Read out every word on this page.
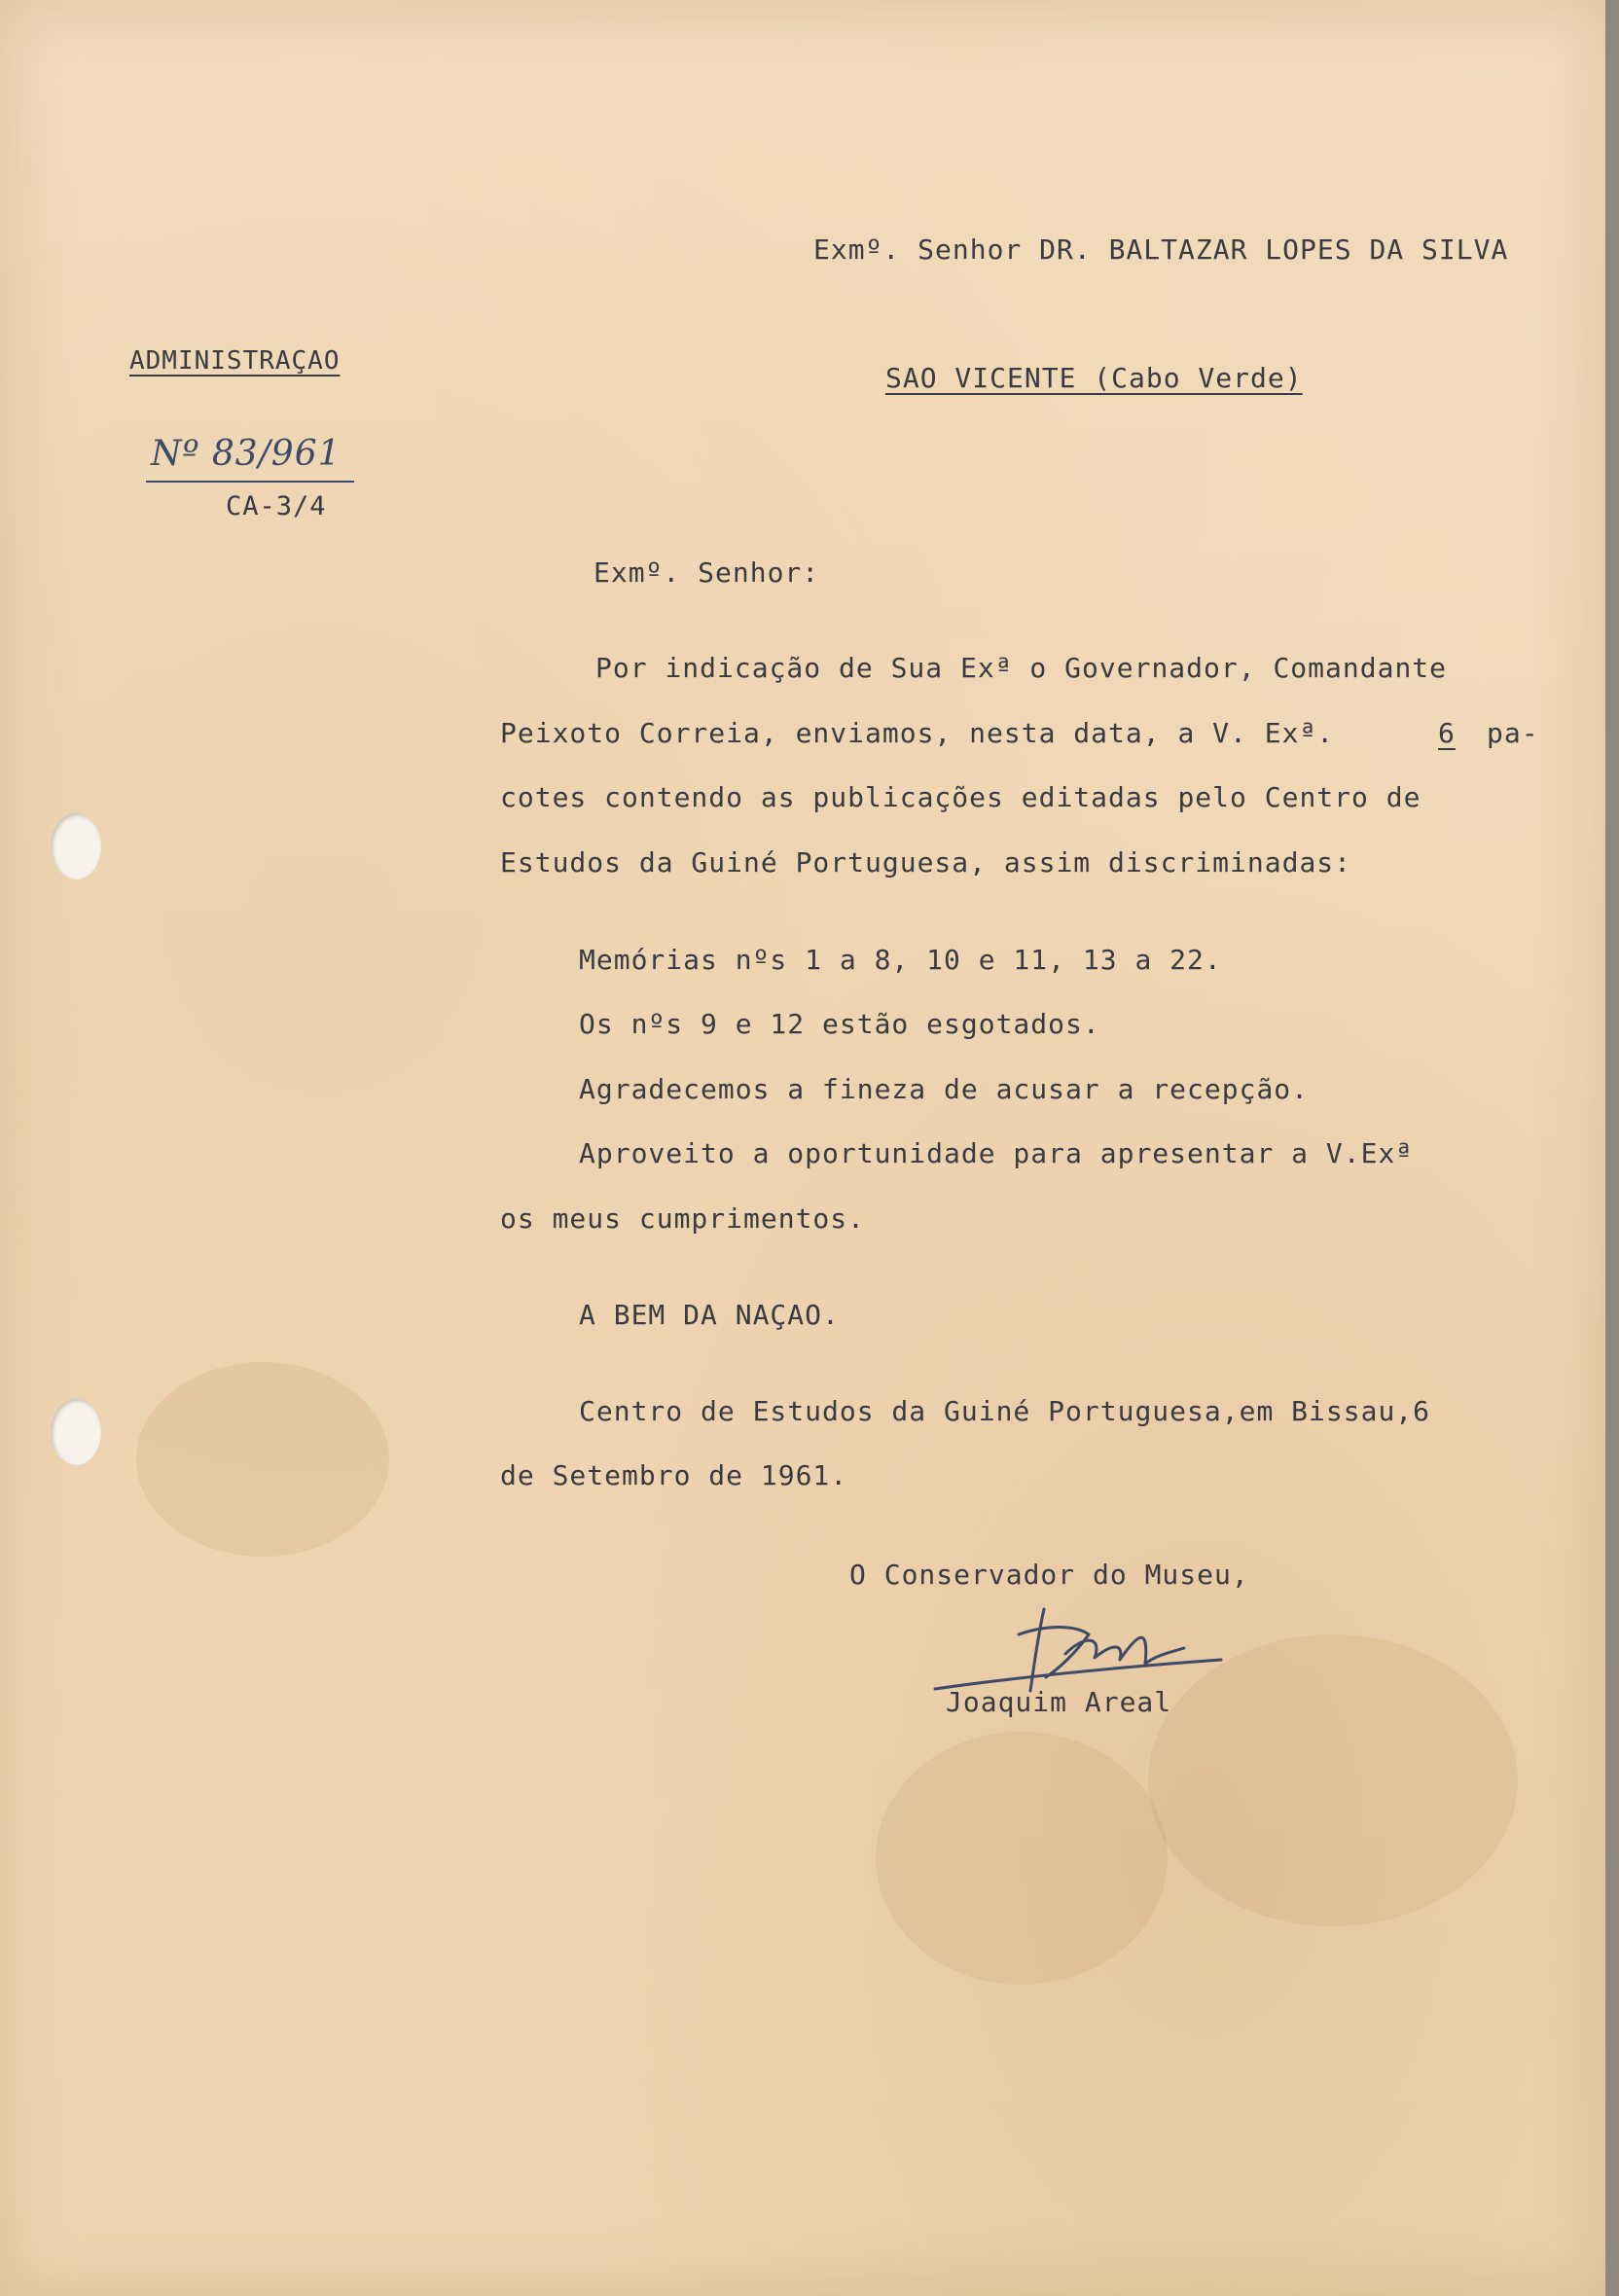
Exmº. Senhor DR. BALTAZAR LOPES DA SILVA
SAO VICENTE (Cabo Verde)
ADMINISTRAÇAO
Nº 83/961
CA-3/4
Exmº. Senhor:
Por indicação de Sua Exª o Governador, Comandante
Peixoto Correia, enviamos, nesta data, a V. Exª.	6 pa-
cotes contendo as publicações editadas pelo Centro de
Estudos da Guiné Portuguesa, assim discriminadas:
Memórias nºs 1 a 8, 10 e 11, 13 a 22.
Os nºs 9 e 12 estão esgotados.
Agradecemos a fineza de acusar a recepção.
Aproveito a oportunidade para apresentar a V.Exª
os meus cumprimentos.
A BEM DA NAÇAO.
Centro de Estudos da Guiné Portuguesa,em Bissau,6
de Setembro de 1961.
O Conservador do Museu,
Joaquim Areal
